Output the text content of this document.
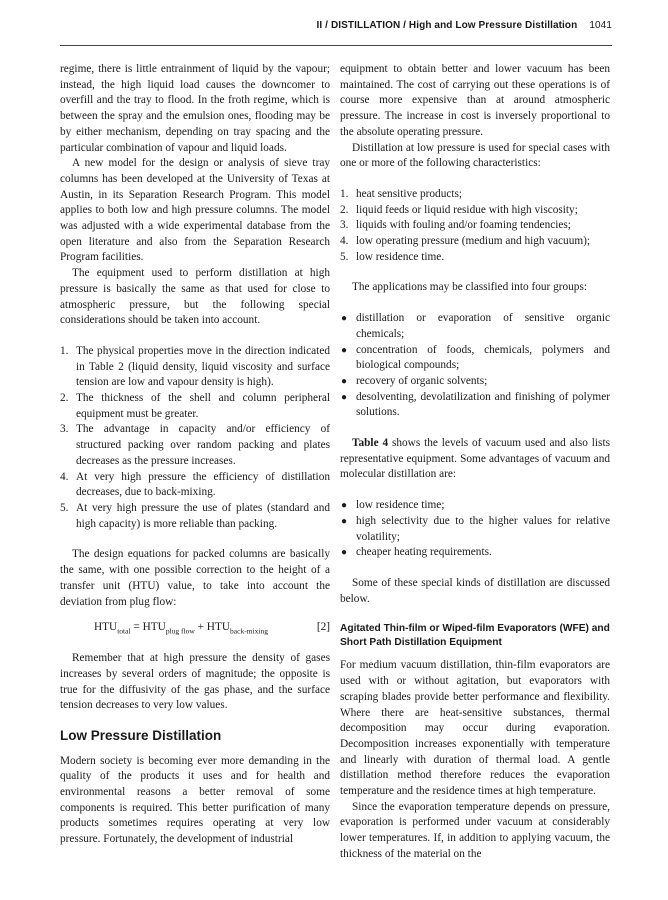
II / DISTILLATION / High and Low Pressure Distillation 1041

regime, there is little entrainment of liquid by the vapour; instead, the high liquid load causes the downcomer to overfill and the tray to flood. In the froth regime, which is between the spray and the emulsion ones, flooding may be by either mechanism, depending on tray spacing and the particular combination of vapour and liquid loads.

A new model for the design or analysis of sieve tray columns has been developed at the University of Texas at Austin, in its Separation Research Program. This model applies to both low and high pressure columns. The model was adjusted with a wide experimental database from the open literature and also from the Separation Research Program facilities.

The equipment used to perform distillation at high pressure is basically the same as that used for close to atmospheric pressure, but the following special considerations should be taken into account.

1. The physical properties move in the direction indicated in Table 2 (liquid density, liquid viscosity and surface tension are low and vapour density is high).
2. The thickness of the shell and column peripheral equipment must be greater.
3. The advantage in capacity and/or efficiency of structured packing over random packing and plates decreases as the pressure increases.
4. At very high pressure the efficiency of distillation decreases, due to back-mixing.
5. At very high pressure the use of plates (standard and high capacity) is more reliable than packing.

The design equations for packed columns are basically the same, with one possible correction to the height of a transfer unit (HTU) value, to take into account the deviation from plug flow:

$HTU_{total} = HTU_{plug flow} + HTU_{back-mixing}$	[2]

Remember that at high pressure the density of gases increases by several orders of magnitude; the opposite is true for the diffusivity of the gas phase, and the surface tension decreases to very low values.

Low Pressure Distillation

Modern society is becoming ever more demanding in the quality of the products it uses and for health and environmental reasons a better removal of some components is required. This better purification of many products sometimes requires operating at very low pressure. Fortunately, the development of industrial

equipment to obtain better and lower vacuum has been maintained. The cost of carrying out these operations is of course more expensive than at around atmospheric pressure. The increase in cost is inversely proportional to the absolute operating pressure.

Distillation at low pressure is used for special cases with one or more of the following characteristics:

1. heat sensitive products;
2. liquid feeds or liquid residue with high viscosity;
3. liquids with fouling and/or foaming tendencies;
4. low operating pressure (medium and high vacuum);
5. low residence time.

The applications may be classified into four groups:

● distillation or evaporation of sensitive organic chemicals;
● concentration of foods, chemicals, polymers and biological compounds;
● recovery of organic solvents;
● desolventing, devolatilization and finishing of polymer solutions.

Table 4 shows the levels of vacuum used and also lists representative equipment. Some advantages of vacuum and molecular distillation are:

● low residence time;
● high selectivity due to the higher values for relative volatility;
● cheaper heating requirements.

Some of these special kinds of distillation are discussed below.

Agitated Thin-film or Wiped-film Evaporators (WFE) and Short Path Distillation Equipment

For medium vacuum distillation, thin-film evaporators are used with or without agitation, but evaporators with scraping blades provide better performance and flexibility. Where there are heat-sensitive substances, thermal decomposition may occur during evaporation. Decomposition increases exponentially with temperature and linearly with duration of thermal load. A gentle distillation method therefore reduces the evaporation temperature and the residence times at high temperature.

Since the evaporation temperature depends on pressure, evaporation is performed under vacuum at considerably lower temperatures. If, in addition to applying vacuum, the thickness of the material on the
